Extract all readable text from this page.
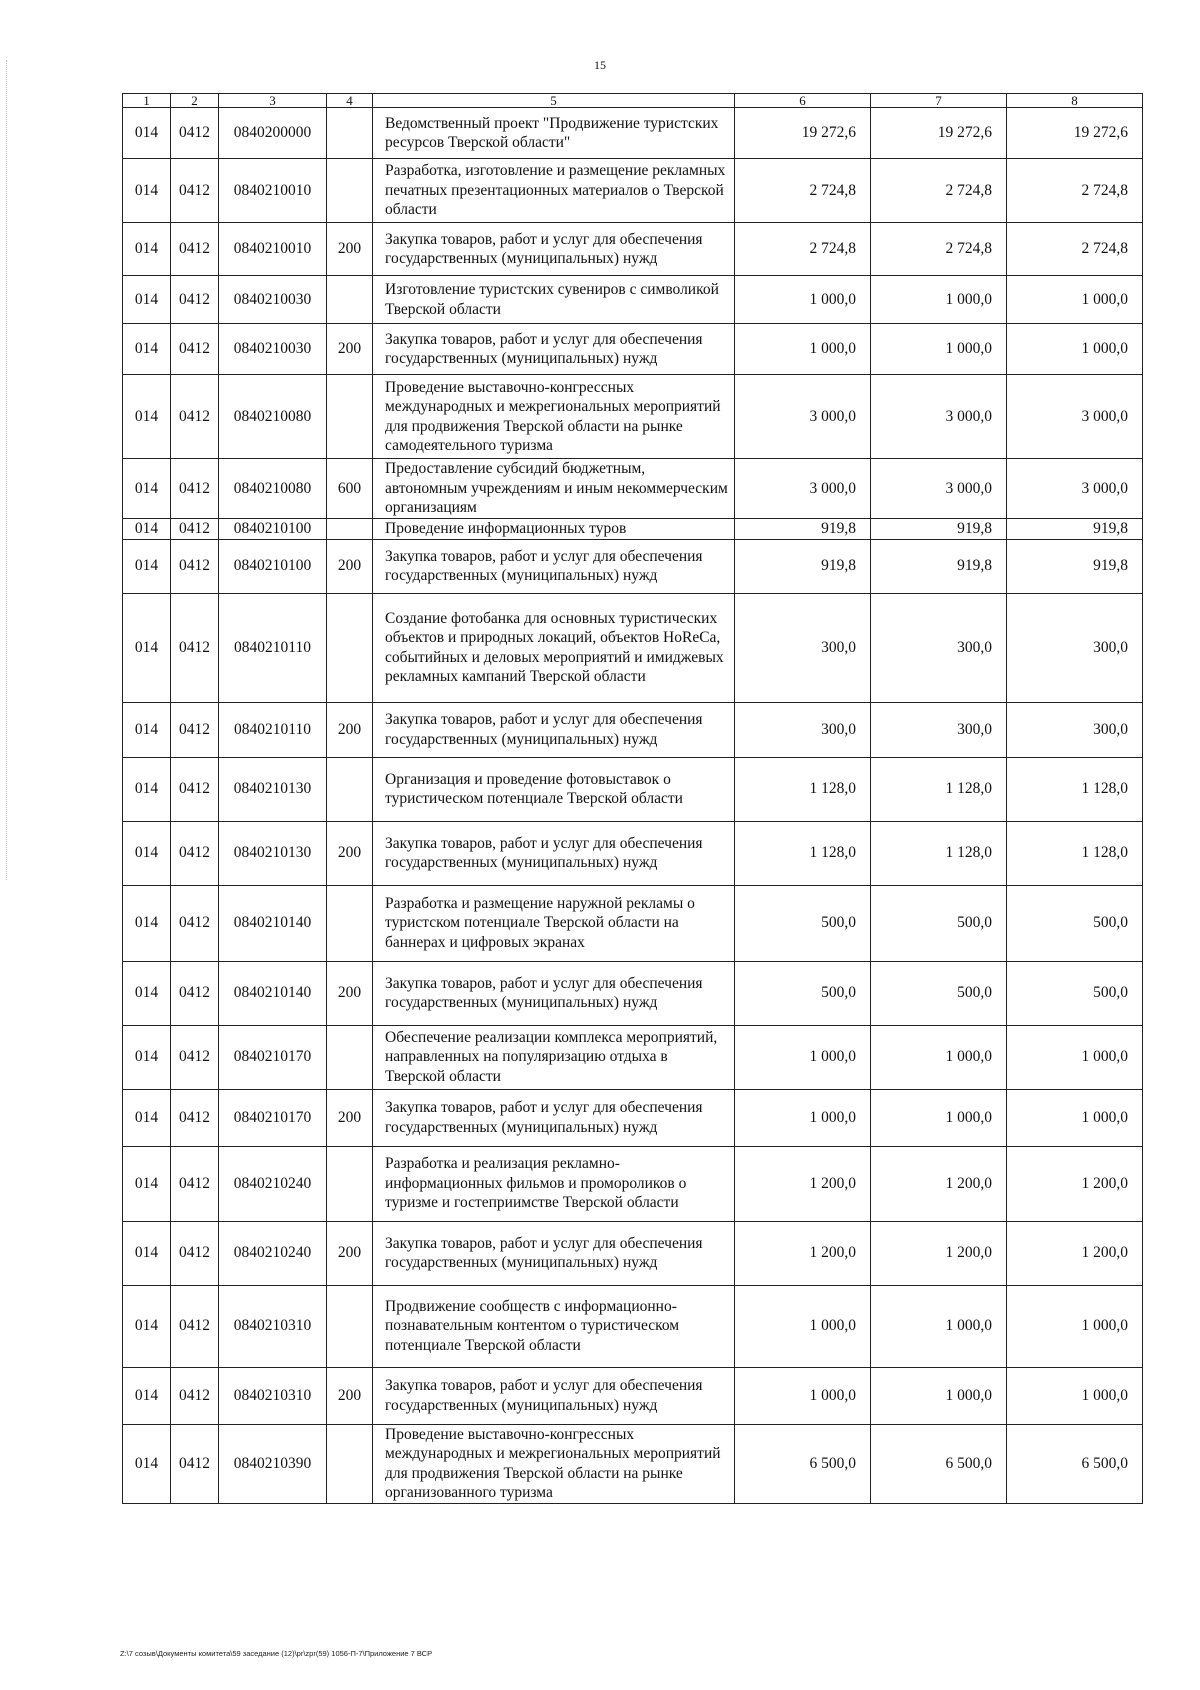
15
1	2	3	4	5	6	7	8
014	0412	0840200000		Ведомственный проект "Продвижение туристских ресурсов Тверской области"	19 272,6	19 272,6	19 272,6
014	0412	0840210010		Разработка, изготовление и размещение рекламных печатных презентационных материалов о Тверской области	2 724,8	2 724,8	2 724,8
014	0412	0840210010	200	Закупка товаров, работ и услуг для обеспечения государственных (муниципальных) нужд	2 724,8	2 724,8	2 724,8
014	0412	0840210030		Изготовление туристских сувениров с символикой Тверской области	1 000,0	1 000,0	1 000,0
014	0412	0840210030	200	Закупка товаров, работ и услуг для обеспечения государственных (муниципальных) нужд	1 000,0	1 000,0	1 000,0
014	0412	0840210080		Проведение выставочно-конгрессных международных и межрегиональных мероприятий для продвижения Тверской области на рынке самодеятельного туризма	3 000,0	3 000,0	3 000,0
014	0412	0840210080	600	Предоставление субсидий бюджетным, автономным учреждениям и иным некоммерческим организациям	3 000,0	3 000,0	3 000,0
014	0412	0840210100		Проведение информационных туров	919,8	919,8	919,8
014	0412	0840210100	200	Закупка товаров, работ и услуг для обеспечения государственных (муниципальных) нужд	919,8	919,8	919,8
014	0412	0840210110		Создание фотобанка для основных туристических объектов и природных локаций, объектов HoReCa, событийных и деловых мероприятий и имиджевых рекламных кампаний Тверской области	300,0	300,0	300,0
014	0412	0840210110	200	Закупка товаров, работ и услуг для обеспечения государственных (муниципальных) нужд	300,0	300,0	300,0
014	0412	0840210130		Организация и проведение фотовыставок о туристическом потенциале Тверской области	1 128,0	1 128,0	1 128,0
014	0412	0840210130	200	Закупка товаров, работ и услуг для обеспечения государственных (муниципальных) нужд	1 128,0	1 128,0	1 128,0
014	0412	0840210140		Разработка и размещение наружной рекламы о туристском потенциале Тверской области на баннерах и цифровых экранах	500,0	500,0	500,0
014	0412	0840210140	200	Закупка товаров, работ и услуг для обеспечения государственных (муниципальных) нужд	500,0	500,0	500,0
014	0412	0840210170		Обеспечение реализации комплекса мероприятий, направленных на популяризацию отдыха в Тверской области	1 000,0	1 000,0	1 000,0
014	0412	0840210170	200	Закупка товаров, работ и услуг для обеспечения государственных (муниципальных) нужд	1 000,0	1 000,0	1 000,0
014	0412	0840210240		Разработка и реализация рекламно-информационных фильмов и промороликов о туризме и гостеприимстве Тверской области	1 200,0	1 200,0	1 200,0
014	0412	0840210240	200	Закупка товаров, работ и услуг для обеспечения государственных (муниципальных) нужд	1 200,0	1 200,0	1 200,0
014	0412	0840210310		Продвижение сообществ с информационно-познавательным контентом о туристическом потенциале Тверской области	1 000,0	1 000,0	1 000,0
014	0412	0840210310	200	Закупка товаров, работ и услуг для обеспечения государственных (муниципальных) нужд	1 000,0	1 000,0	1 000,0
014	0412	0840210390		Проведение выставочно-конгрессных международных и межрегиональных мероприятий для продвижения Тверской области на рынке организованного туризма	6 500,0	6 500,0	6 500,0
Z:\7 созыв\Документы комитета\59 заседание (12)\pr\zpr(59) 1056-П-7\Приложение 7 ВСР
